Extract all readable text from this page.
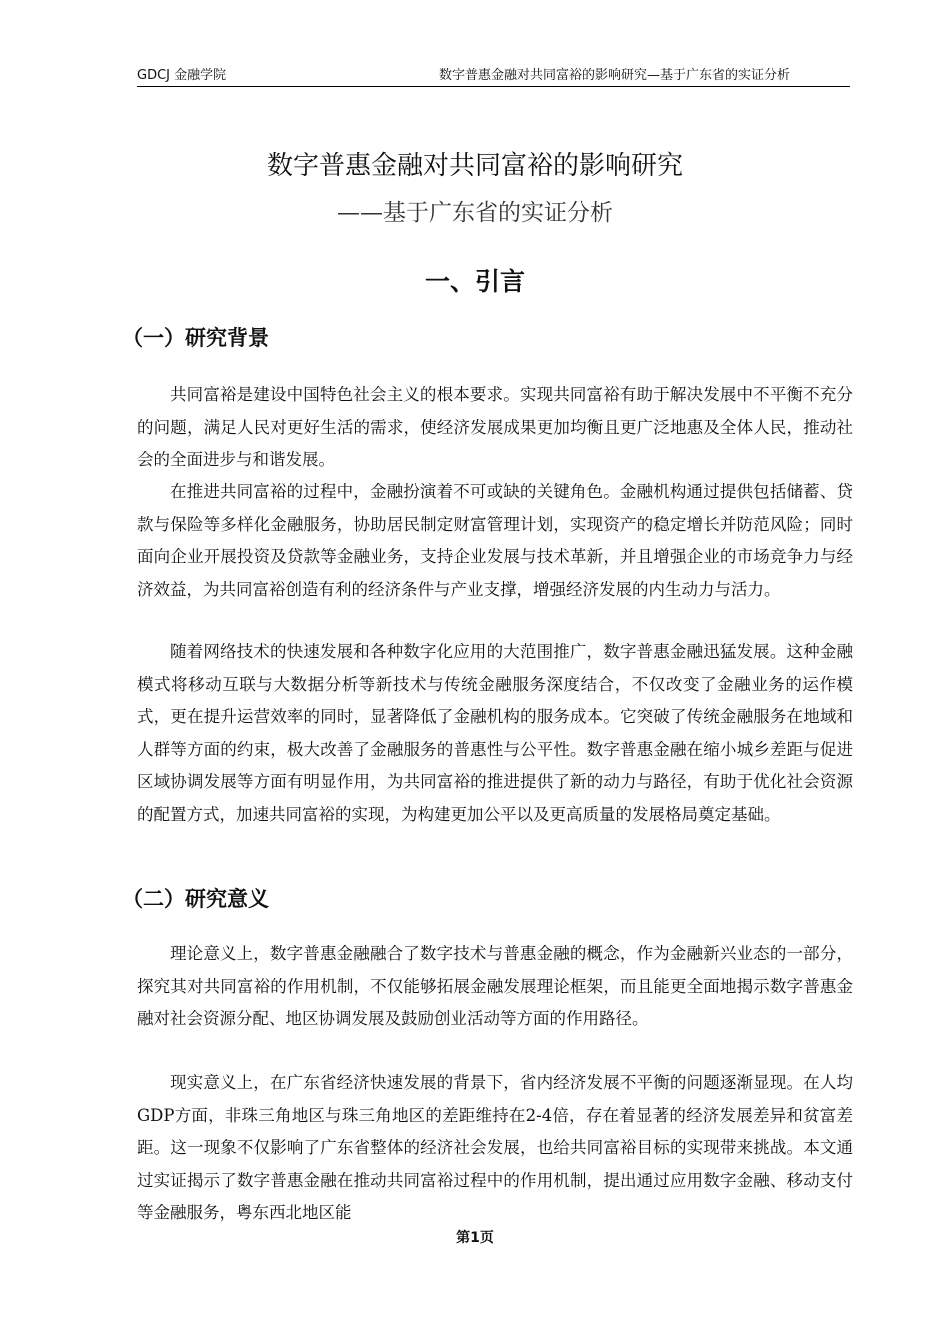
GDCJ 金融学院	数字普惠金融对共同富裕的影响研究—基于广东省的实证分析
数字普惠金融对共同富裕的影响研究
——基于广东省的实证分析
一、引言
（一）研究背景

共同富裕是建设中国特色社会主义的根本要求。实现共同富裕有助于解决发展中不平衡不充分的问题，满足人民对更好生活的需求，使经济发展成果更加均衡且更广泛地惠及全体人民，推动社会的全面进步与和谐发展。

在推进共同富裕的过程中，金融扮演着不可或缺的关键角色。金融机构通过提供包括储蓄、贷款与保险等多样化金融服务，协助居民制定财富管理计划，实现资产的稳定增长并防范风险；同时面向企业开展投资及贷款等金融业务，支持企业发展与技术革新，并且增强企业的市场竞争力与经济效益，为共同富裕创造有利的经济条件与产业支撑，增强经济发展的内生动力与活力。

随着网络技术的快速发展和各种数字化应用的大范围推广，数字普惠金融迅猛发展。这种金融模式将移动互联与大数据分析等新技术与传统金融服务深度结合，不仅改变了金融业务的运作模式，更在提升运营效率的同时，显著降低了金融机构的服务成本。它突破了传统金融服务在地域和人群等方面的约束，极大改善了金融服务的普惠性与公平性。数字普惠金融在缩小城乡差距与促进区域协调发展等方面有明显作用，为共同富裕的推进提供了新的动力与路径，有助于优化社会资源的配置方式，加速共同富裕的实现，为构建更加公平以及更高质量的发展格局奠定基础。

（二）研究意义

理论意义上，数字普惠金融融合了数字技术与普惠金融的概念，作为金融新兴业态的一部分，探究其对共同富裕的作用机制，不仅能够拓展金融发展理论框架，而且能更全面地揭示数字普惠金融对社会资源分配、地区协调发展及鼓励创业活动等方面的作用路径。

现实意义上，在广东省经济快速发展的背景下，省内经济发展不平衡的问题逐渐显现。在人均GDP方面，非珠三角地区与珠三角地区的差距维持在2-4倍，存在着显著的经济发展差异和贫富差距。这一现象不仅影响了广东省整体的经济社会发展，也给共同富裕目标的实现带来挑战。本文通过实证揭示了数字普惠金融在推动共同富裕过程中的作用机制，提出通过应用数字金融、移动支付等金融服务，粤东西北地区能

第1页
